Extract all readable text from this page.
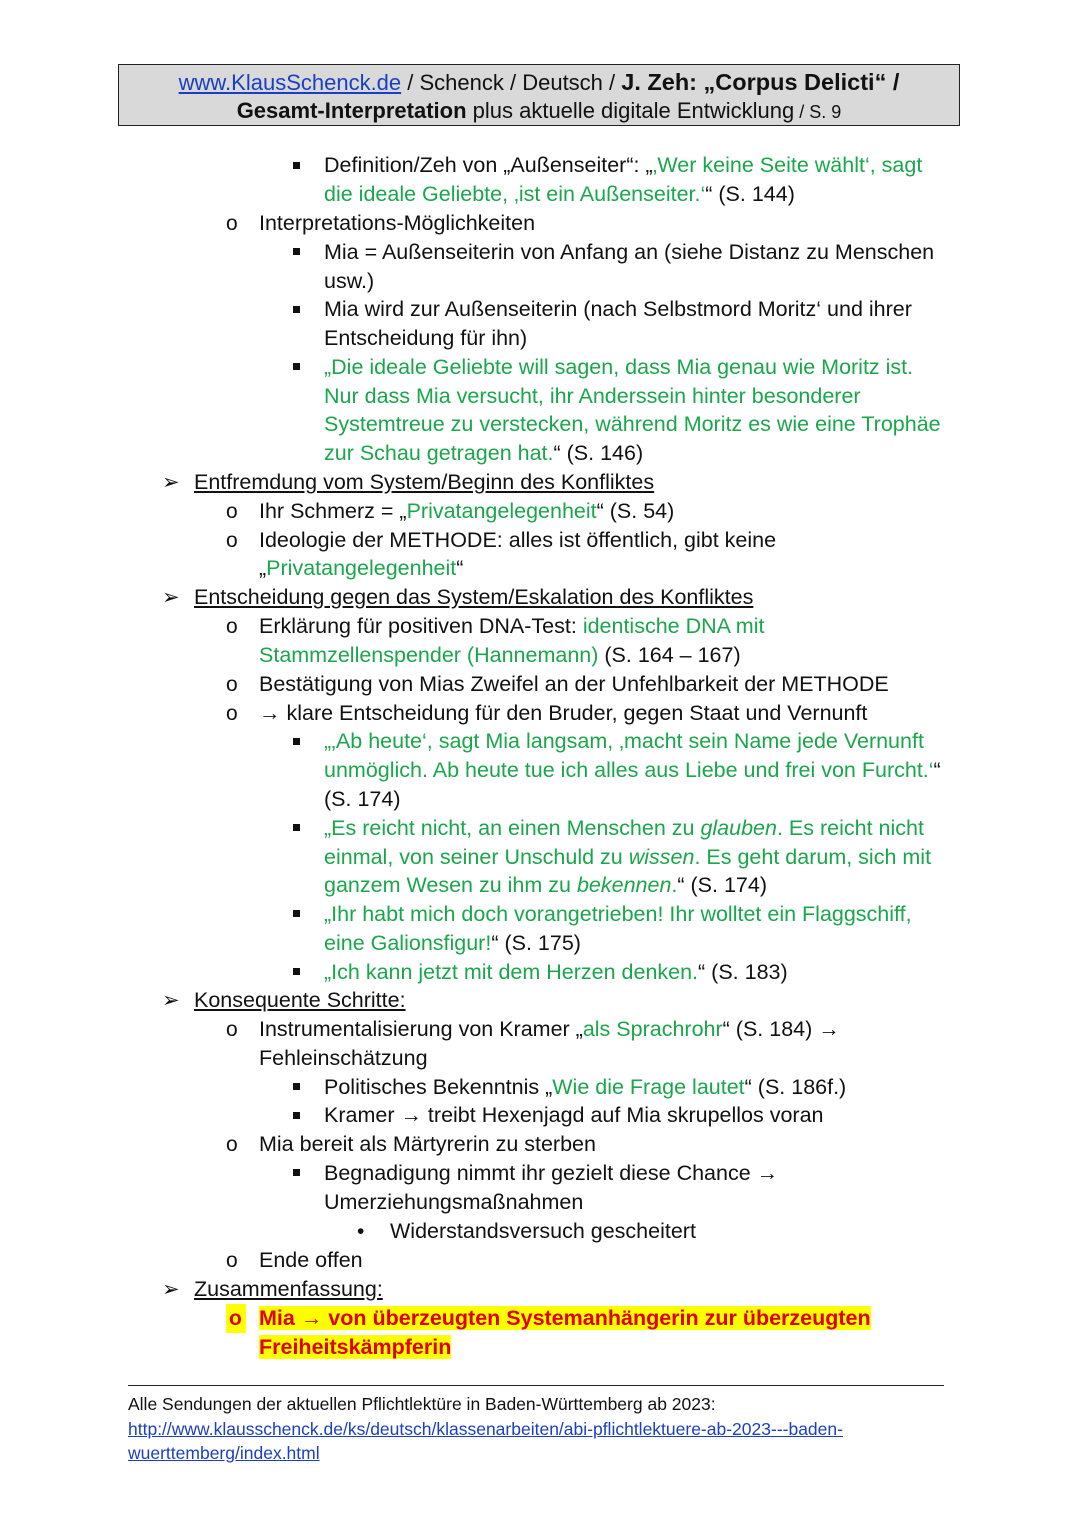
www.KlausSchenck.de / Schenck / Deutsch / J. Zeh: „Corpus Delicti“ /
Gesamt-Interpretation plus aktuelle digitale Entwicklung / S. 9
Definition/Zeh von „Außenseiter“: „‚Wer keine Seite wählt‘, sagt
die ideale Geliebte, ‚ist ein Außenseiter.‘“ (S. 144)
o Interpretations-Möglichkeiten
Mia = Außenseiterin von Anfang an (siehe Distanz zu Menschen
usw.)
Mia wird zur Außenseiterin (nach Selbstmord Moritz‘ und ihrer
Entscheidung für ihn)
„Die ideale Geliebte will sagen, dass Mia genau wie Moritz ist.
Nur dass Mia versucht, ihr Anderssein hinter besonderer
Systemtreue zu verstecken, während Moritz es wie eine Trophäe
zur Schau getragen hat.“ (S. 146)
➢ Entfremdung vom System/Beginn des Konfliktes
o Ihr Schmerz = „Privatangelegenheit“ (S. 54)
o Ideologie der METHODE: alles ist öffentlich, gibt keine
„Privatangelegenheit“
➢ Entscheidung gegen das System/Eskalation des Konfliktes
o Erklärung für positiven DNA-Test: identische DNA mit
Stammzellenspender (Hannemann) (S. 164 – 167)
o Bestätigung von Mias Zweifel an der Unfehlbarkeit der METHODE
o → klare Entscheidung für den Bruder, gegen Staat und Vernunft
„‚Ab heute‘, sagt Mia langsam, ‚macht sein Name jede Vernunft
unmöglich. Ab heute tue ich alles aus Liebe und frei von Furcht.‘“
(S. 174)
„Es reicht nicht, an einen Menschen zu glauben. Es reicht nicht
einmal, von seiner Unschuld zu wissen. Es geht darum, sich mit
ganzem Wesen zu ihm zu bekennen.“ (S. 174)
„Ihr habt mich doch vorangetrieben! Ihr wolltet ein Flaggschiff,
eine Galionsfigur!“ (S. 175)
„Ich kann jetzt mit dem Herzen denken.“ (S. 183)
➢ Konsequente Schritte:
o Instrumentalisierung von Kramer „als Sprachrohr“ (S. 184) →
Fehleinschätzung
Politisches Bekenntnis „Wie die Frage lautet“ (S. 186f.)
Kramer → treibt Hexenjagd auf Mia skrupellos voran
o Mia bereit als Märtyrerin zu sterben
Begnadigung nimmt ihr gezielt diese Chance →
Umerziehungsmaßnahmen
• Widerstandsversuch gescheitert
o Ende offen
➢ Zusammenfassung:
o Mia → von überzeugten Systemanhängerin zur überzeugten
Freiheitskämpferin
Alle Sendungen der aktuellen Pflichtlektüre in Baden-Württemberg ab 2023:
http://www.klausschenck.de/ks/deutsch/klassenarbeiten/abi-pflichtlektuere-ab-2023---baden-
wuerttemberg/index.html
